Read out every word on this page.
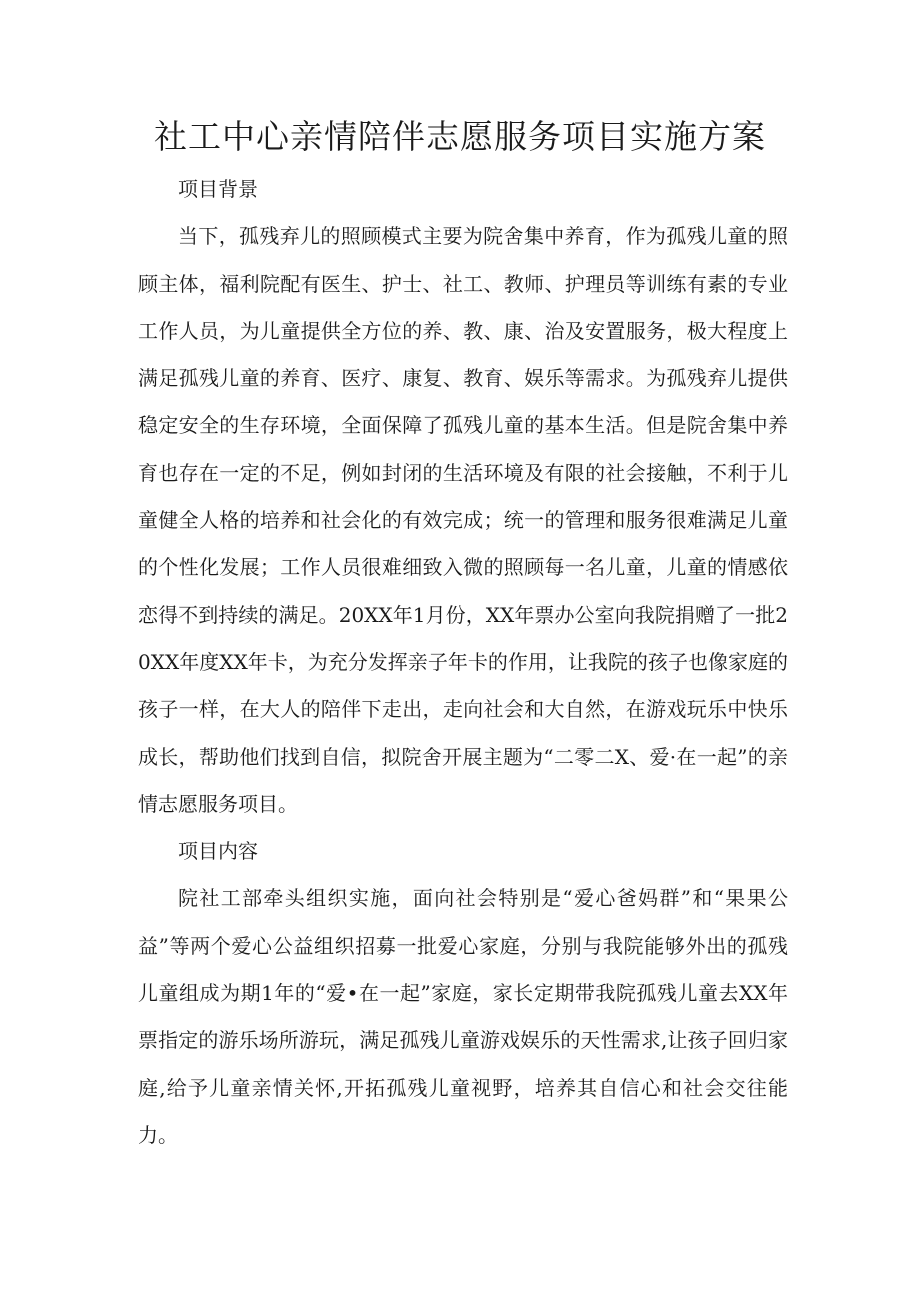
社工中心亲情陪伴志愿服务项目实施方案
项目背景

当下，孤残弃儿的照顾模式主要为院舍集中养育，作为孤残儿童的照顾主体，福利院配有医生、护士、社工、教师、护理员等训练有素的专业工作人员，为儿童提供全方位的养、教、康、治及安置服务，极大程度上满足孤残儿童的养育、医疗、康复、教育、娱乐等需求。为孤残弃儿提供稳定安全的生存环境，全面保障了孤残儿童的基本生活。但是院舍集中养育也存在一定的不足，例如封闭的生活环境及有限的社会接触，不利于儿童健全人格的培养和社会化的有效完成；统一的管理和服务很难满足儿童的个性化发展；工作人员很难细致入微的照顾每一名儿童，儿童的情感依恋得不到持续的满足。20XX年1月份，XX年票办公室向我院捐赠了一批20XX年度XX年卡，为充分发挥亲子年卡的作用，让我院的孩子也像家庭的孩子一样，在大人的陪伴下走出，走向社会和大自然，在游戏玩乐中快乐成长，帮助他们找到自信，拟院舍开展主题为“二零二X、爱·在一起”的亲情志愿服务项目。

项目内容

院社工部牵头组织实施，面向社会特别是“爱心爸妈群”和“果果公益”等两个爱心公益组织招募一批爱心家庭，分别与我院能够外出的孤残儿童组成为期1年的“爱•在一起”家庭，家长定期带我院孤残儿童去XX年票指定的游乐场所游玩，满足孤残儿童游戏娱乐的天性需求,让孩子回归家庭,给予儿童亲情关怀,开拓孤残儿童视野，培养其自信心和社会交往能力。
